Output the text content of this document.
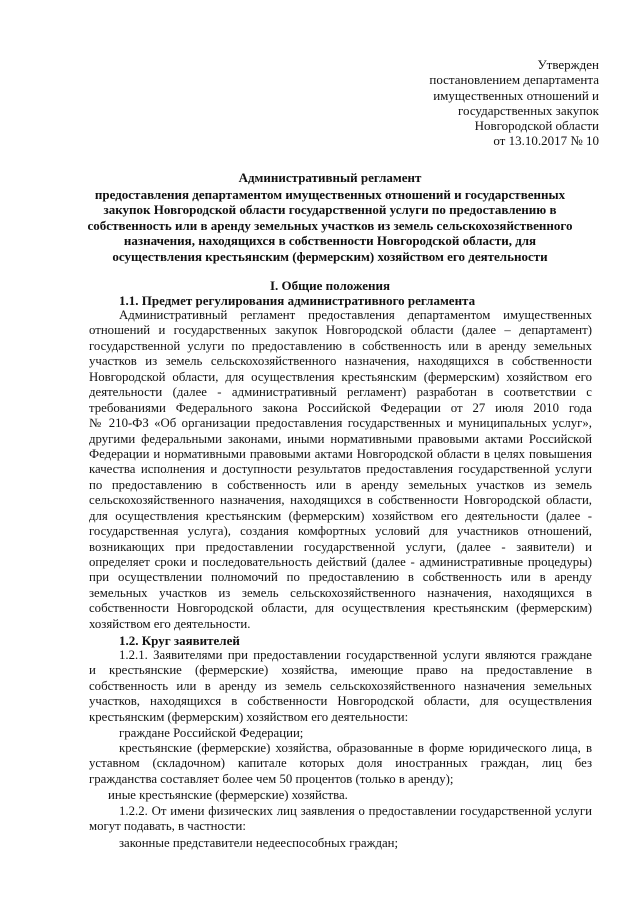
Утвержден
постановлением департамента
имущественных отношений и
государственных закупок
Новгородской области
от 13.10.2017 № 10
Административный регламент
предоставления департаментом имущественных отношений и государственных
закупок Новгородской области государственной услуги по предоставлению в
собственность или в аренду земельных участков из земель сельскохозяйственного
назначения, находящихся в собственности Новгородской области, для
осуществления крестьянским (фермерским) хозяйством его деятельности
I. Общие положения
1.1. Предмет регулирования административного регламента
Административный регламент предоставления департаментом имущественных
отношений и государственных закупок Новгородской области (далее – департамент)
государственной услуги по предоставлению в собственность или в аренду земельных
участков из земель сельскохозяйственного назначения, находящихся в собственности
Новгородской области, для осуществления крестьянским (фермерским) хозяйством его
деятельности (далее - административный регламент) разработан в соответствии с
требованиями Федерального закона Российской Федерации от 27 июля 2010 года
№ 210-ФЗ «Об организации предоставления государственных и муниципальных услуг»,
другими федеральными законами, иными нормативными правовыми актами Российской
Федерации и нормативными правовыми актами Новгородской области в целях повышения
качества исполнения и доступности результатов предоставления государственной услуги
по предоставлению в собственность или в аренду земельных участков из земель
сельскохозяйственного назначения, находящихся в собственности Новгородской области,
для осуществления крестьянским (фермерским) хозяйством его деятельности (далее -
государственная услуга), создания комфортных условий для участников отношений,
возникающих при предоставлении государственной услуги, (далее - заявители) и
определяет сроки и последовательность действий (далее - административные процедуры)
при осуществлении полномочий по предоставлению в собственность или в аренду
земельных участков из земель сельскохозяйственного назначения, находящихся в
собственности Новгородской области, для осуществления крестьянским (фермерским)
хозяйством его деятельности.
1.2. Круг заявителей
1.2.1. Заявителями при предоставлении государственной услуги являются граждане
и крестьянские (фермерские) хозяйства, имеющие право на предоставление в
собственность или в аренду из земель сельскохозяйственного назначения земельных
участков, находящихся в собственности Новгородской области, для осуществления
крестьянским (фермерским) хозяйством его деятельности:
граждане Российской Федерации;
крестьянские (фермерские) хозяйства, образованные в форме юридического лица, в
уставном (складочном) капитале которых доля иностранных граждан, лиц без
гражданства составляет более чем 50 процентов (только в аренду);
иные крестьянские (фермерские) хозяйства.
1.2.2. От имени физических лиц заявления о предоставлении государственной услуги
могут подавать, в частности:
законные представители недееспособных граждан;
